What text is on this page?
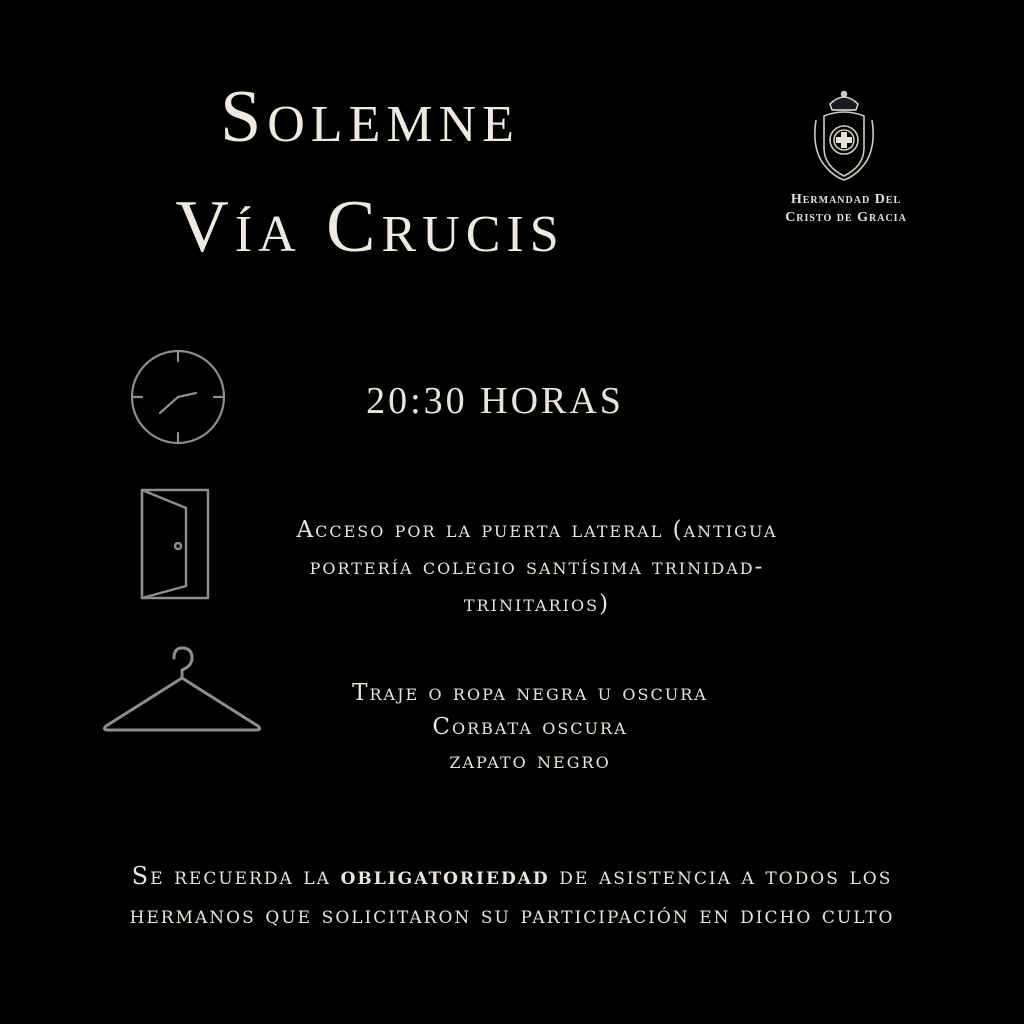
Solemne
Vía Crucis	Hermandad Del
Cristo de Gracia

20:30 HORAS

Acceso por la puerta lateral (antigua
portería colegio santísima trinidad-
trinitarios)
Traje o ropa negra u oscura
Corbata oscura
zapato negro
Se recuerda la obligatoriedad de asistencia a todos los
hermanos que solicitaron su participación en dicho culto
